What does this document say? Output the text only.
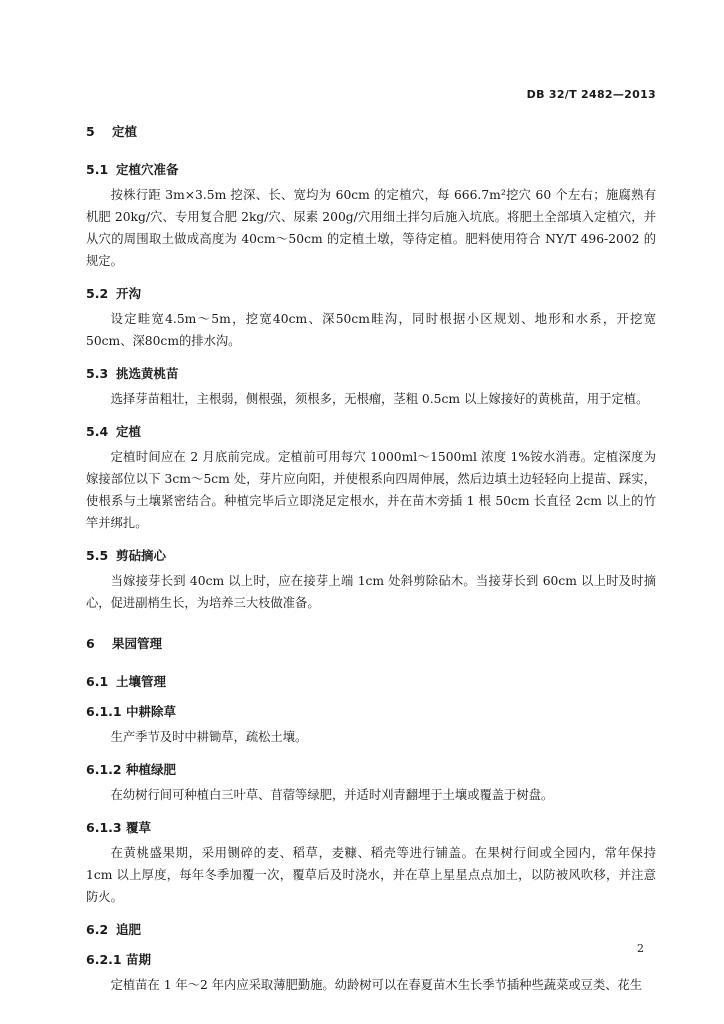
DB 32/T 2482—2013

5 定植

5.1 定植穴准备

按株行距 3m×3.5m 挖深、长、宽均为 60cm 的定植穴，每 666.7m²挖穴 60 个左右；施腐熟有机肥 20kg/穴、专用复合肥 2kg/穴、尿素 200g/穴用细土拌匀后施入坑底。将肥土全部填入定植穴，并从穴的周围取土做成高度为 40cm～50cm 的定植土墩，等待定植。肥料使用符合 NY/T 496-2002 的规定。

5.2 开沟

设定畦宽4.5m～5m，挖宽40cm、深50cm畦沟，同时根据小区规划、地形和水系，开挖宽50cm、深80cm的排水沟。

5.3 挑选黄桃苗

选择芽苗粗壮，主根弱，侧根强，须根多，无根瘤，茎粗 0.5cm 以上嫁接好的黄桃苗，用于定植。

5.4 定植

定植时间应在 2 月底前完成。定植前可用每穴 1000ml～1500ml 浓度 1%铵水消毒。定植深度为嫁接部位以下 3cm～5cm 处，芽片应向阳，并使根系向四周伸展，然后边填土边轻轻向上提苗、踩实，使根系与土壤紧密结合。种植完毕后立即浇足定根水，并在苗木旁插 1 根 50cm 长直径 2cm 以上的竹竿并绑扎。

5.5 剪砧摘心

当嫁接芽长到 40cm 以上时，应在接芽上端 1cm 处斜剪除砧木。当接芽长到 60cm 以上时及时摘心，促进副梢生长，为培养三大枝做准备。

6 果园管理

6.1 土壤管理

6.1.1 中耕除草

生产季节及时中耕锄草，疏松土壤。

6.1.2 种植绿肥

在幼树行间可种植白三叶草、苜蓿等绿肥，并适时刈青翻埋于土壤或覆盖于树盘。

6.1.3 覆草

在黄桃盛果期，采用铡碎的麦、稻草，麦糠、稻壳等进行铺盖。在果树行间或全园内，常年保持 1cm 以上厚度，每年冬季加覆一次，覆草后及时浇水，并在草上星星点点加土，以防被风吹移，并注意防火。

6.2 追肥

6.2.1 苗期

定植苗在 1 年～2 年内应采取薄肥勤施。幼龄树可以在春夏苗木生长季节插种些蔬菜或豆类、花生

2
